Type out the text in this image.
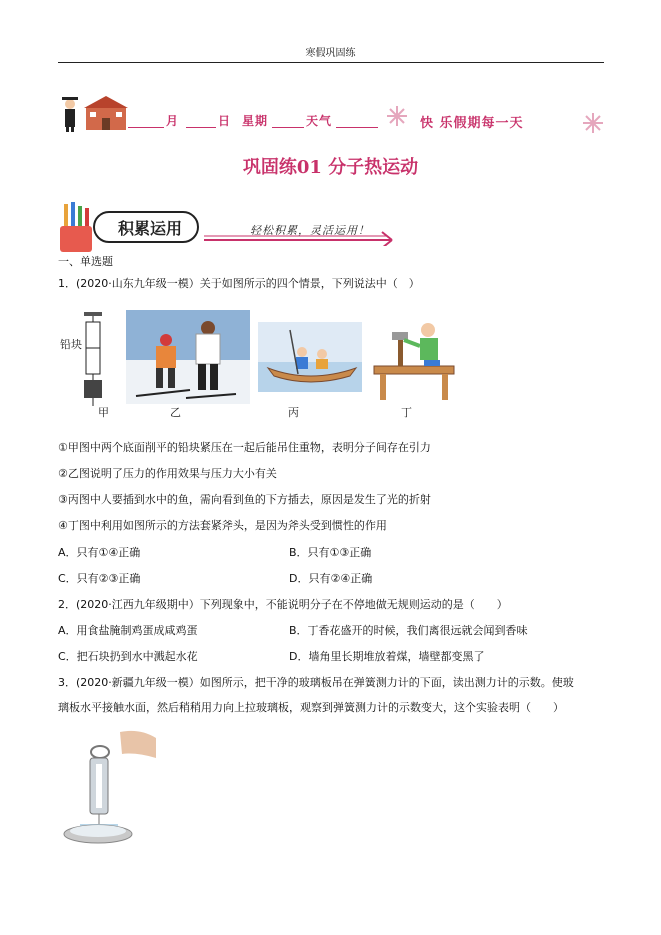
寒假巩固练
月	日 星期	天气	快 乐假期每一天
巩固练01 分子热运动
积累运用	轻松积累，灵活运用！
一、单选题
1．(2020·山东九年级一模）关于如图所示的四个情景，下列说法中（　）
铅块
甲	乙	丙	丁
①甲图中两个底面削平的铅块紧压在一起后能吊住重物，表明分子间存在引力
②乙图说明了压力的作用效果与压力大小有关
③丙图中人要插到水中的鱼，需向看到鱼的下方插去，原因是发生了光的折射
④丁图中利用如图所示的方法套紧斧头，是因为斧头受到惯性的作用
A．只有①④正确	B．只有①③正确
C．只有②③正确	D．只有②④正确
2．(2020·江西九年级期中）下列现象中，不能说明分子在不停地做无规则运动的是（　　）
A．用食盐腌制鸡蛋成咸鸡蛋	B．丁香花盛开的时候，我们离很远就会闻到香味
C．把石块扔到水中溅起水花	D．墙角里长期堆放着煤，墙壁都变黑了
3．(2020·新疆九年级一模）如图所示，把干净的玻璃板吊在弹簧测力计的下面，读出测力计的示数。使玻
璃板水平接触水面，然后稍稍用力向上拉玻璃板，观察到弹簧测力计的示数变大，这个实验表明（　　）
